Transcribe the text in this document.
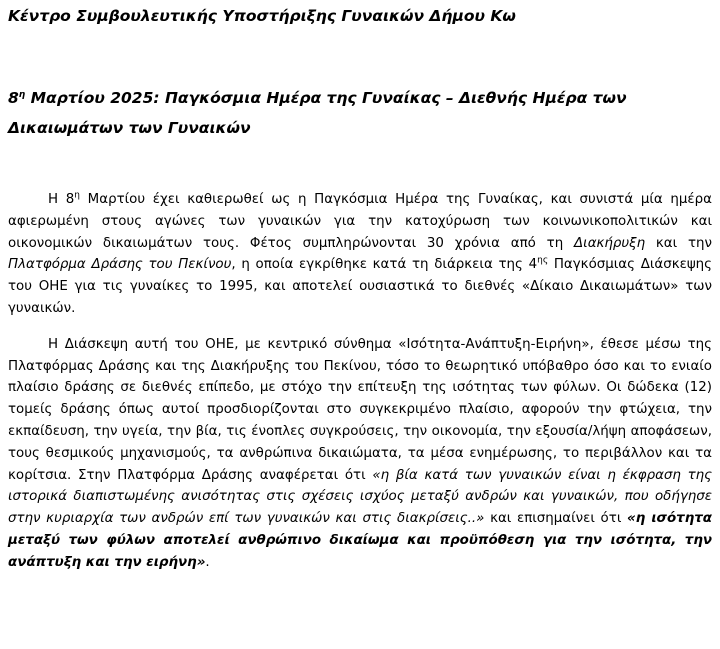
Κέντρο Συμβουλευτικής Υποστήριξης Γυναικών Δήμου Κω
$8^\eta$ Μαρτίου 2025: Παγκόσμια Ημέρα της Γυναίκας – Διεθνής Ημέρα των Δικαιωμάτων των Γυναικών

Η $8^\eta$ Μαρτίου έχει καθιερωθεί ως η Παγκόσμια Ημέρα της Γυναίκας, και συνιστά μία ημέρα αφιερωμένη στους αγώνες των γυναικών για την κατοχύρωση των κοινωνικοπολιτικών και οικονομικών δικαιωμάτων τους. Φέτος συμπληρώνονται 30 χρόνια από τη Διακήρυξη και την Πλατφόρμα Δράσης του Πεκίνου, η οποία εγκρίθηκε κατά τη διάρκεια της $4^{\eta\varsigma}$ Παγκόσμιας Διάσκεψης του ΟΗΕ για τις γυναίκες το 1995, και αποτελεί ουσιαστικά το διεθνές «Δίκαιο Δικαιωμάτων» των γυναικών.

Η Διάσκεψη αυτή του ΟΗΕ, με κεντρικό σύνθημα «Ισότητα-Ανάπτυξη-Ειρήνη», έθεσε μέσω της Πλατφόρμας Δράσης και της Διακήρυξης του Πεκίνου, τόσο το θεωρητικό υπόβαθρο όσο και το ενιαίο πλαίσιο δράσης σε διεθνές επίπεδο, με στόχο την επίτευξη της ισότητας των φύλων. Οι δώδεκα (12) τομείς δράσης όπως αυτοί προσδιορίζονται στο συγκεκριμένο πλαίσιο, αφορούν την φτώχεια, την εκπαίδευση, την υγεία, την βία, τις ένοπλες συγκρούσεις, την οικονομία, την εξουσία/λήψη αποφάσεων, τους θεσμικούς μηχανισμούς, τα ανθρώπινα δικαιώματα, τα μέσα ενημέρωσης, το περιβάλλον και τα κορίτσια. Στην Πλατφόρμα Δράσης αναφέρεται ότι «η βία κατά των γυναικών είναι η έκφραση της ιστορικά διαπιστωμένης ανισότητας στις σχέσεις ισχύος μεταξύ ανδρών και γυναικών, που οδήγησε στην κυριαρχία των ανδρών επί των γυναικών και στις διακρίσεις..» και επισημαίνει ότι «η ισότητα μεταξύ των φύλων αποτελεί ανθρώπινο δικαίωμα και προϋπόθεση για την ισότητα, την ανάπτυξη και την ειρήνη».
